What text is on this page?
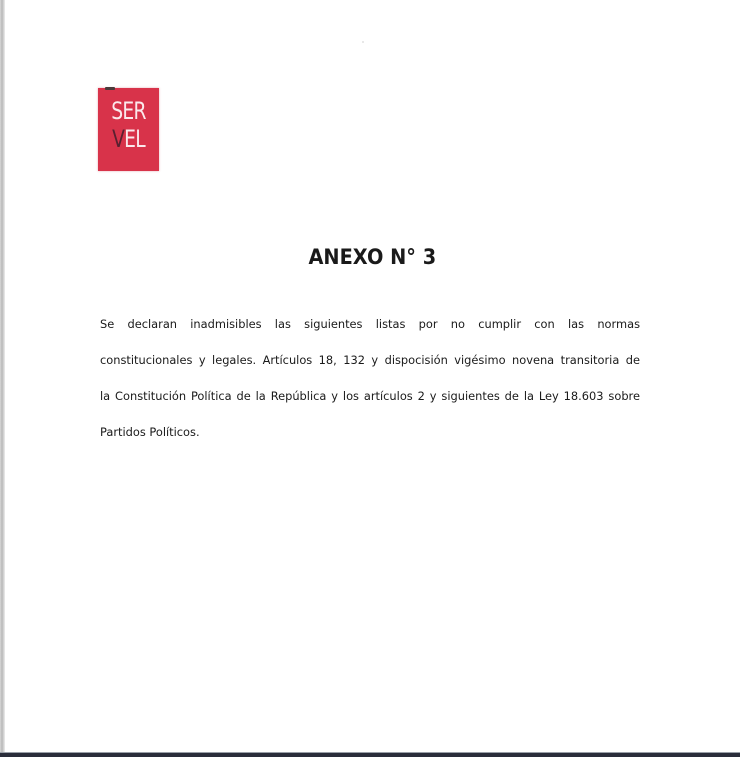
SER
VEL
ANEXO N° 3
Se declaran inadmisibles las siguientes listas por no cumplir con las normas
constitucionales y legales. Artículos 18, 132 y dispocisión vigésimo novena transitoria de
la Constitución Política de la República y los artículos 2 y siguientes de la Ley 18.603 sobre
Partidos Políticos.
